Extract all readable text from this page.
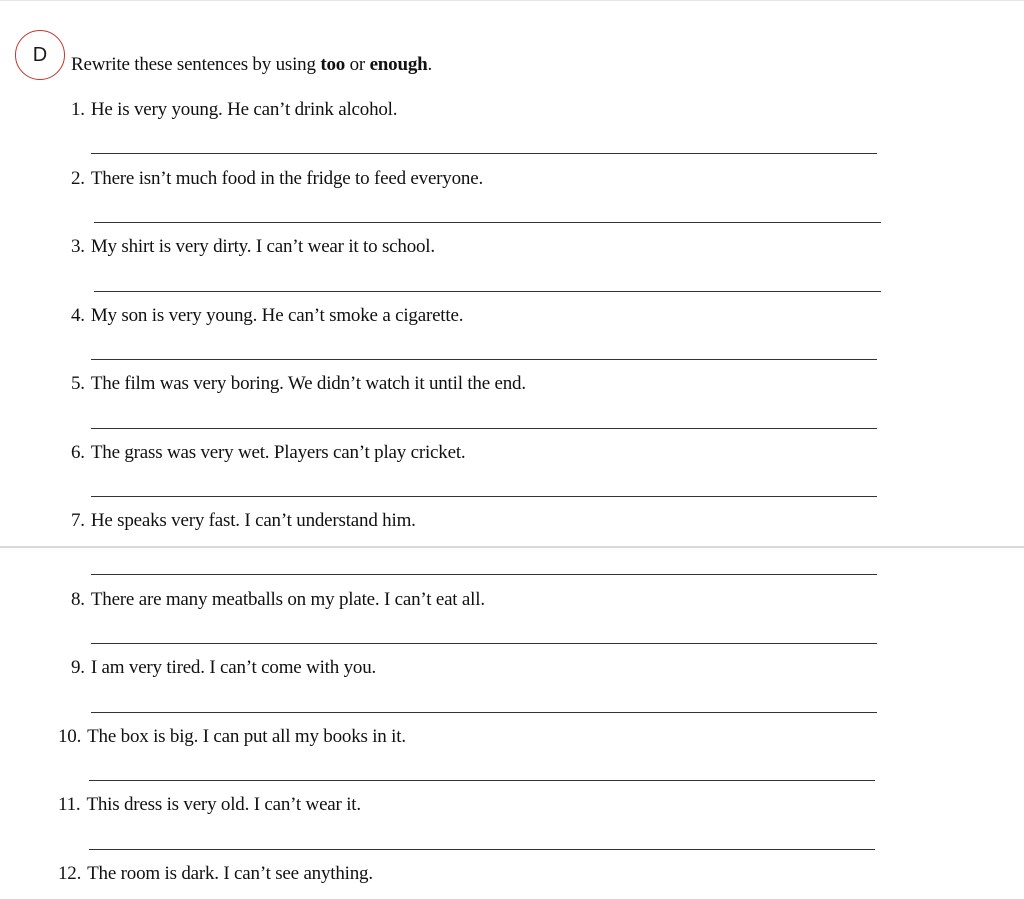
D Rewrite these sentences by using too or enough.
1. He is very young. He can’t drink alcohol.
2. There isn’t much food in the fridge to feed everyone.
3. My shirt is very dirty. I can’t wear it to school.
4. My son is very young. He can’t smoke a cigarette.
5. The film was very boring. We didn’t watch it until the end.
6. The grass was very wet. Players can’t play cricket.
7. He speaks very fast. I can’t understand him.
8. There are many meatballs on my plate. I can’t eat all.
9. I am very tired. I can’t come with you.
10. The box is big. I can put all my books in it.
11. This dress is very old. I can’t wear it.
12. The room is dark. I can’t see anything.
